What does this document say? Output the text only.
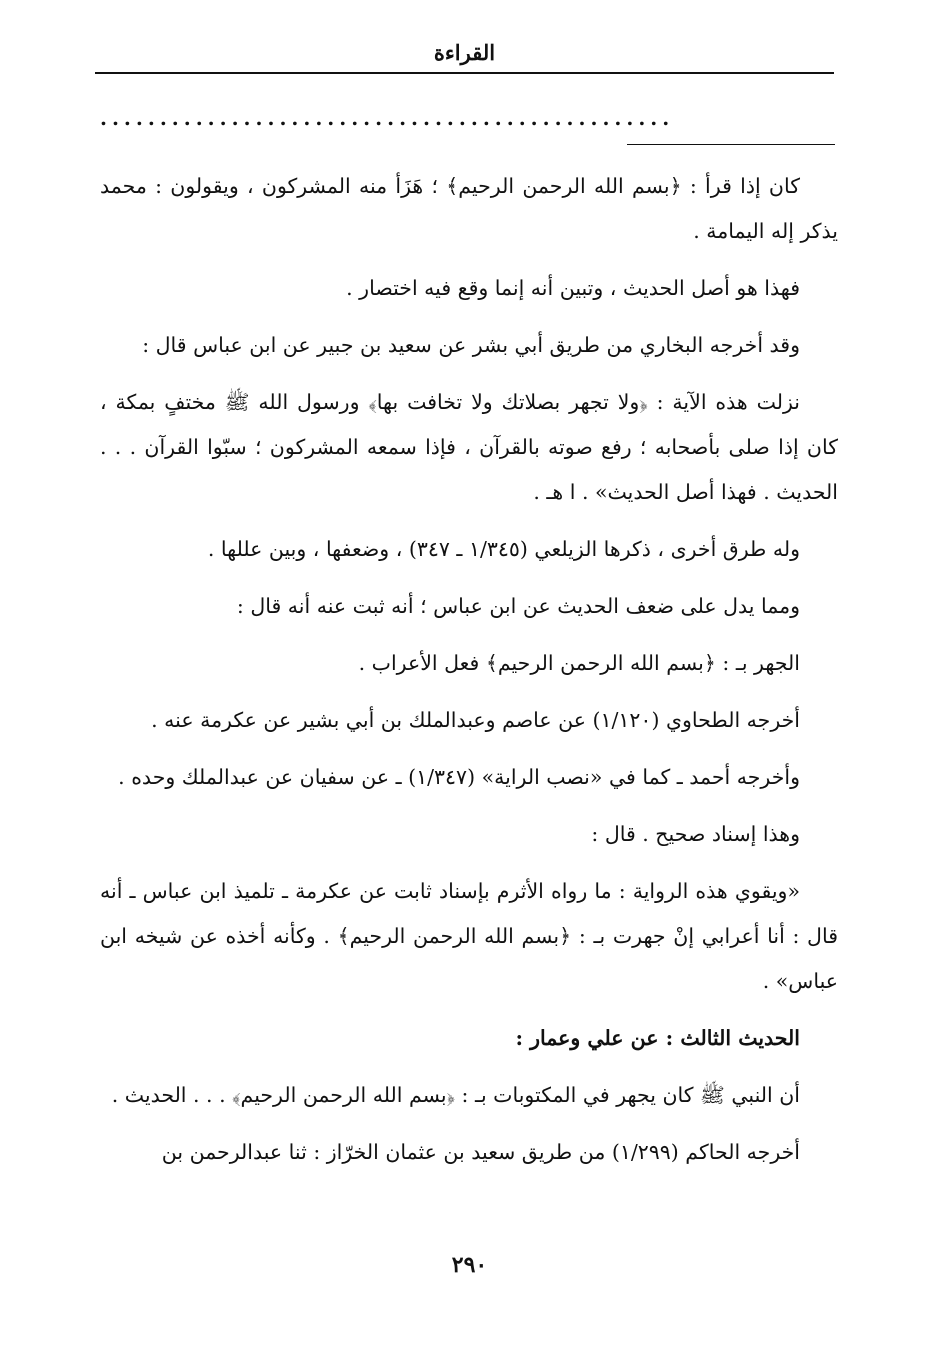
القراءة
................................................

كان إذا قرأ : ﴿بسم الله الرحمن الرحيم﴾ ؛ هَزَأ منه المشركون ، ويقولون : محمد يذكر إله اليمامة .

فهذا هو أصل الحديث ، وتبين أنه إنما وقع فيه اختصار .

وقد أخرجه البخاري من طريق أبي بشر عن سعيد بن جبير عن ابن عباس قال :

نزلت هذه الآية : ﴿ولا تجهر بصلاتك ولا تخافت بها﴾ ورسول الله ﷺ مختفٍ بمكة ، كان إذا صلى بأصحابه ؛ رفع صوته بالقرآن ، فإذا سمعه المشركون ؛ سبّوا القرآن . . . الحديث . فهذا أصل الحديث» . ا هـ .

وله طرق أخرى ، ذكرها الزيلعي (١/٣٤٥ ـ ٣٤٧) ، وضعفها ، وبين عللها .

ومما يدل على ضعف الحديث عن ابن عباس ؛ أنه ثبت عنه أنه قال :

الجهر بـ : ﴿بسم الله الرحمن الرحيم﴾ فعل الأعراب .

أخرجه الطحاوي (١/١٢٠) عن عاصم وعبدالملك بن أبي بشير عن عكرمة عنه .

وأخرجه أحمد ـ كما في «نصب الراية» (١/٣٤٧) ـ عن سفيان عن عبدالملك وحده .

وهذا إسناد صحيح . قال :

«ويقوي هذه الرواية : ما رواه الأثرم بإسناد ثابت عن عكرمة ـ تلميذ ابن عباس ـ أنه قال : أنا أعرابي إنْ جهرت بـ : ﴿بسم الله الرحمن الرحيم﴾ . وكأنه أخذه عن شيخه ابن عباس» .

الحديث الثالث : عن علي وعمار :

أن النبي ﷺ كان يجهر في المكتوبات بـ : ﴿بسم الله الرحمن الرحيم﴾ . . . الحديث .

أخرجه الحاكم (١/٢٩٩) من طريق سعيد بن عثمان الخرّاز : ثنا عبدالرحمن بن

٢٩٠
